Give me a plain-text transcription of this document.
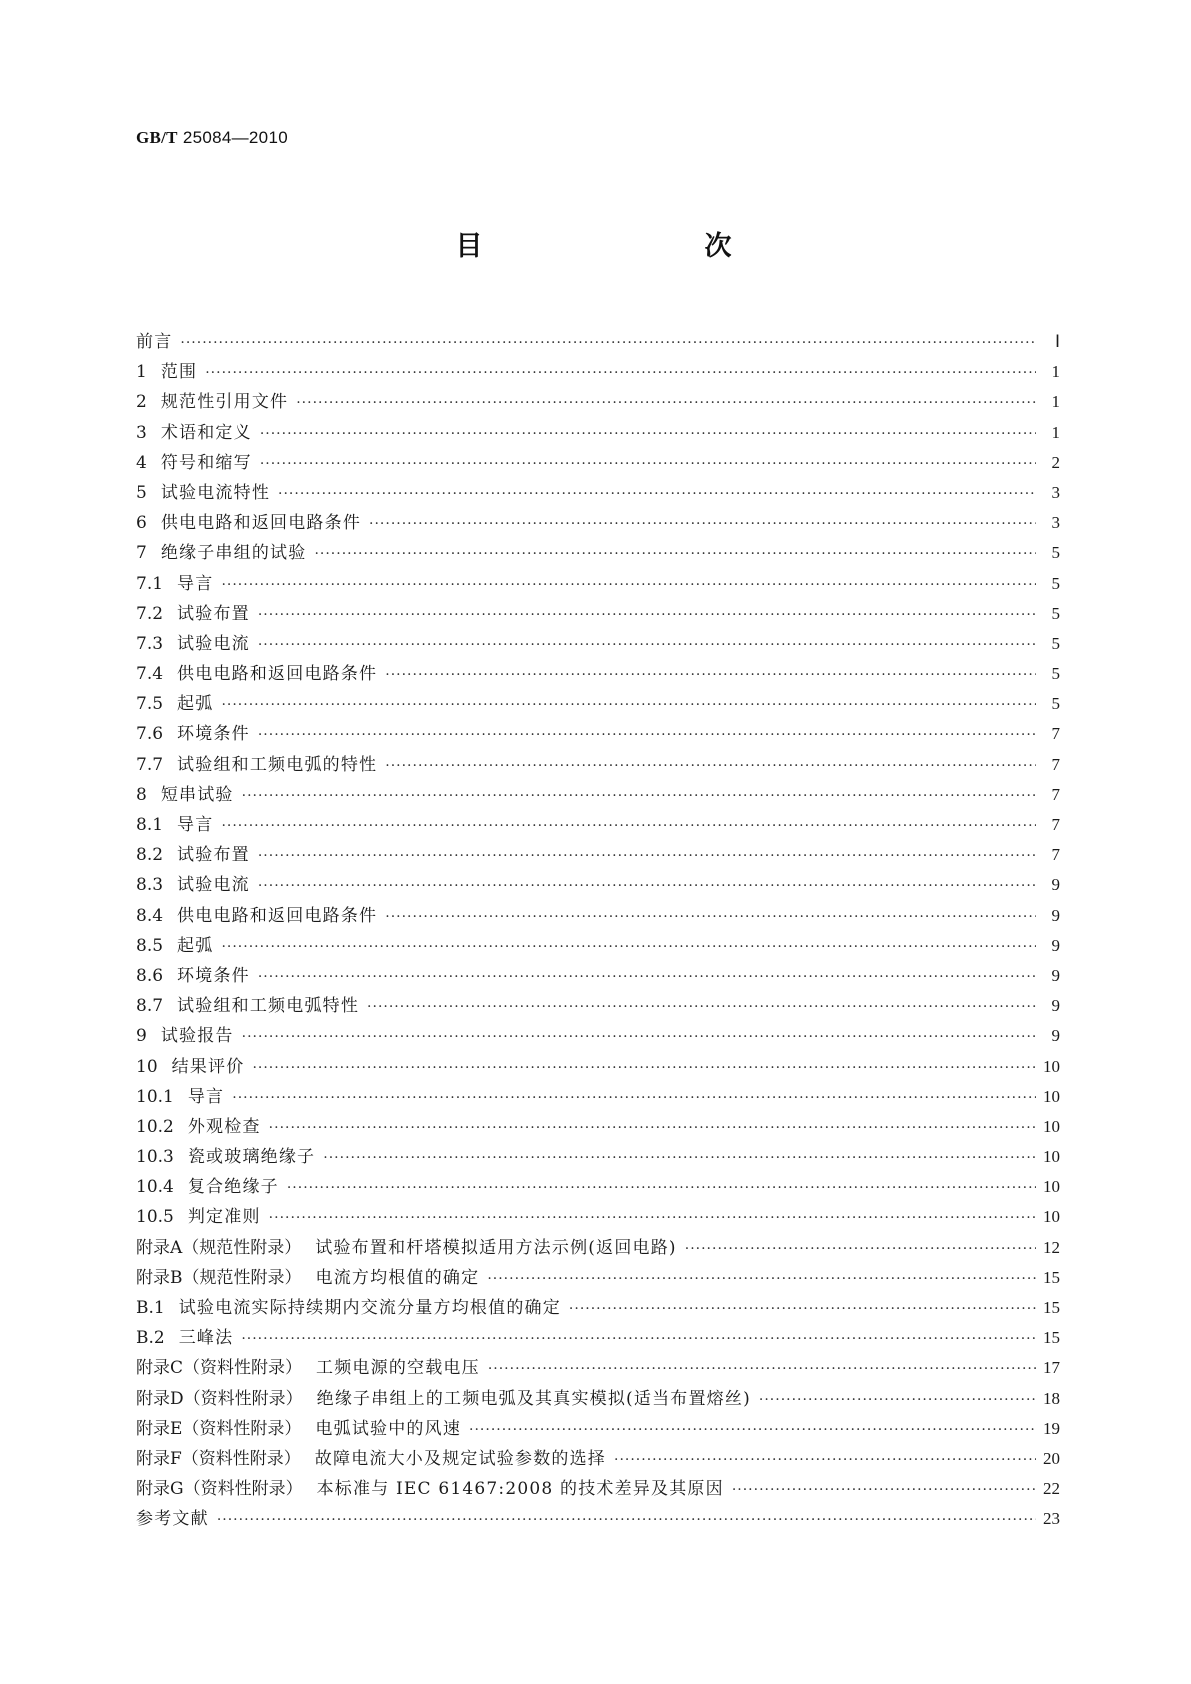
GB/T 25084—2010
目　　次
前言 ·····	Ⅰ
1 范围 ·····	1
2 规范性引用文件 ·····	1
3 术语和定义 ·····	1
4 符号和缩写 ·····	2
5 试验电流特性 ·····	3
6 供电电路和返回电路条件 ·····	3
7 绝缘子串组的试验 ·····	5
7.1 导言 ·····	5
7.2 试验布置 ·····	5
7.3 试验电流 ·····	5
7.4 供电电路和返回电路条件 ·····	5
7.5 起弧 ·····	5
7.6 环境条件 ·····	7
7.7 试验组和工频电弧的特性 ·····	7
8 短串试验 ·····	7
8.1 导言 ·····	7
8.2 试验布置 ·····	7
8.3 试验电流 ·····	9
8.4 供电电路和返回电路条件 ·····	9
8.5 起弧 ·····	9
8.6 环境条件 ·····	9
8.7 试验组和工频电弧特性 ·····	9
9 试验报告 ·····	9
10 结果评价 ·····	10
10.1 导言 ·····	10
10.2 外观检查 ·····	10
10.3 瓷或玻璃绝缘子 ·····	10
10.4 复合绝缘子 ·····	10
10.5 判定准则 ·····	10
附录A（规范性附录） 试验布置和杆塔模拟适用方法示例(返回电路) ·····	12
附录B（规范性附录） 电流方均根值的确定 ·····	15
B.1 试验电流实际持续期内交流分量方均根值的确定 ·····	15
B.2 三峰法 ·····	15
附录C（资料性附录） 工频电源的空载电压 ·····	17
附录D（资料性附录） 绝缘子串组上的工频电弧及其真实模拟(适当布置熔丝) ·····	18
附录E（资料性附录） 电弧试验中的风速 ·····	19
附录F（资料性附录） 故障电流大小及规定试验参数的选择 ·····	20
附录G（资料性附录） 本标准与 IEC 61467:2008 的技术差异及其原因 ·····	22
参考文献 ·····	23
